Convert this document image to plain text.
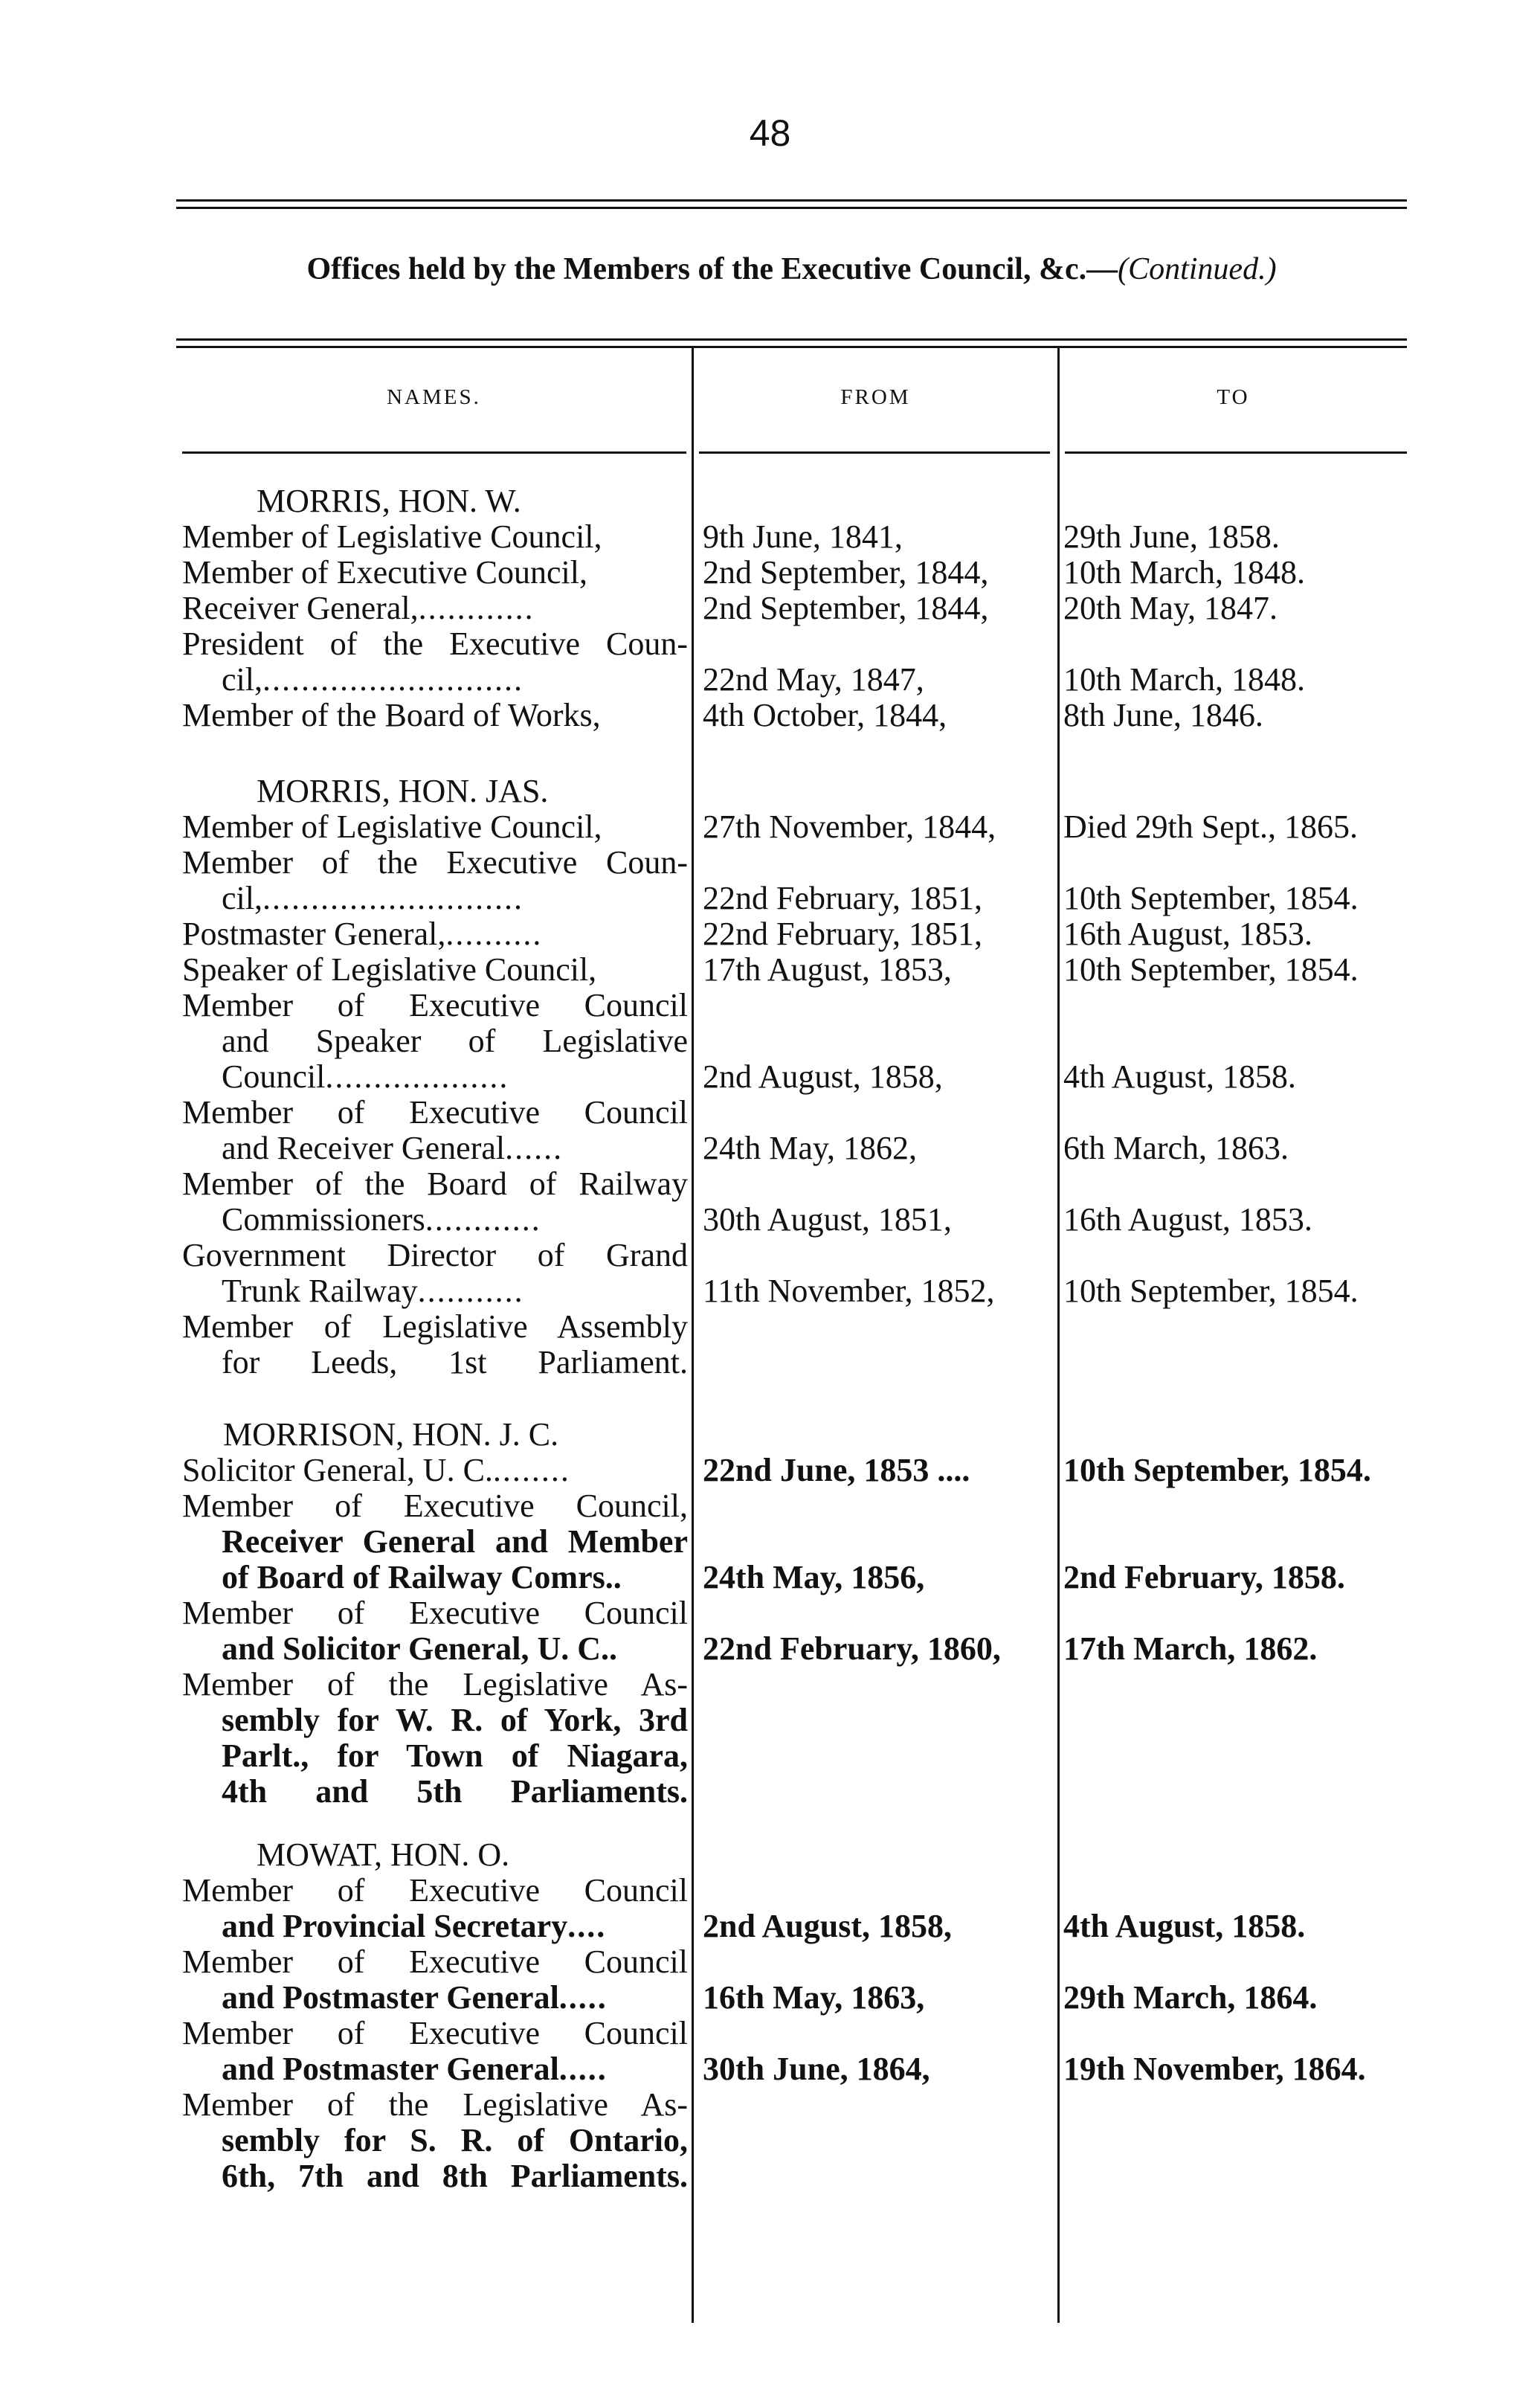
48
Offices held by the Members of the Executive Council, &c.—(Continued.)
NAMES.	FROM	TO
MORRIS, HON. W.
Member of Legislative Council,	9th June, 1841,	29th June, 1858.
Member of Executive Council,	2nd September, 1844,	10th March, 1848.
Receiver General,............	2nd September, 1844,	20th May, 1847.
President of the Executive Coun-
cil,...........................	22nd May, 1847,	10th March, 1848.
Member of the Board of Works,	4th October, 1844,	8th June, 1846.
MORRIS, HON. JAS.
Member of Legislative Council,	27th November, 1844,	Died 29th Sept., 1865.
Member of the Executive Coun-
cil,...........................	22nd February, 1851,	10th September, 1854.
Postmaster General,..........	22nd February, 1851,	16th August, 1853.
Speaker of Legislative Council,	17th August, 1853,	10th September, 1854.
Member of Executive Council
and Speaker of Legislative
Council...................	2nd August, 1858,	4th August, 1858.
Member of Executive Council
and Receiver General......	24th May, 1862,	6th March, 1863.
Member of the Board of Railway
Commissioners............	30th August, 1851,	16th August, 1853.
Government Director of Grand
Trunk Railway...........	11th November, 1852,	10th September, 1854.
Member of Legislative Assembly
for Leeds, 1st Parliament.
MORRISON, HON. J. C.
Solicitor General, U. C.........	22nd June, 1853 ....	10th September, 1854.
Member of Executive Council,
Receiver General and Member
of Board of Railway Comrs..	24th May, 1856,	2nd February, 1858.
Member of Executive Council
and Solicitor General, U. C..	22nd February, 1860,	17th March, 1862.
Member of the Legislative As-
sembly for W. R. of York, 3rd
Parlt., for Town of Niagara,
4th and 5th Parliaments.
MOWAT, HON. O.
Member of Executive Council
and Provincial Secretary....	2nd August, 1858,	4th August, 1858.
Member of Executive Council
and Postmaster General.....	16th May, 1863,	29th March, 1864.
Member of Executive Council
and Postmaster General.....	30th June, 1864,	19th November, 1864.
Member of the Legislative As-
sembly for S. R. of Ontario,
6th, 7th and 8th Parliaments.
